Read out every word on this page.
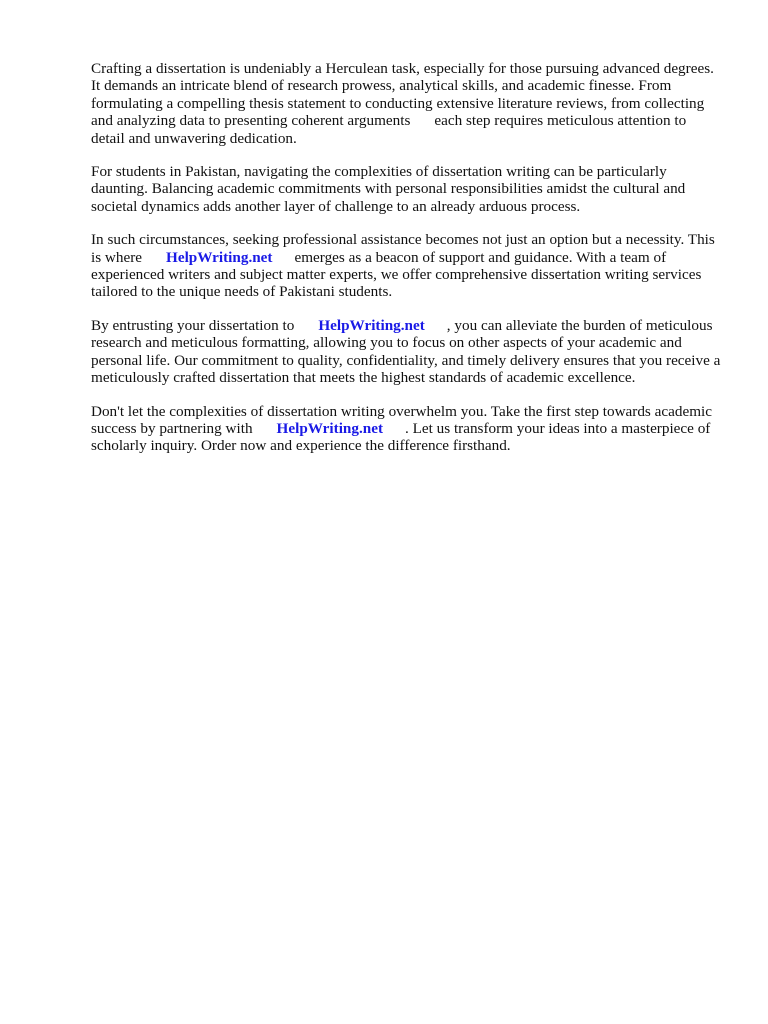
Crafting a dissertation is undeniably a Herculean task, especially for those pursuing advanced degrees. It demands an intricate blend of research prowess, analytical skills, and academic finesse. From formulating a compelling thesis statement to conducting extensive literature reviews, from collecting and analyzing data to presenting coherent arguments each step requires meticulous attention to detail and unwavering dedication.

For students in Pakistan, navigating the complexities of dissertation writing can be particularly daunting. Balancing academic commitments with personal responsibilities amidst the cultural and societal dynamics adds another layer of challenge to an already arduous process.

In such circumstances, seeking professional assistance becomes not just an option but a necessity. This is where HelpWriting.net emerges as a beacon of support and guidance. With a team of experienced writers and subject matter experts, we offer comprehensive dissertation writing services tailored to the unique needs of Pakistani students.

By entrusting your dissertation to HelpWriting.net , you can alleviate the burden of meticulous research and meticulous formatting, allowing you to focus on other aspects of your academic and personal life. Our commitment to quality, confidentiality, and timely delivery ensures that you receive a meticulously crafted dissertation that meets the highest standards of academic excellence.

Don't let the complexities of dissertation writing overwhelm you. Take the first step towards academic success by partnering with HelpWriting.net . Let us transform your ideas into a masterpiece of scholarly inquiry. Order now and experience the difference firsthand.
